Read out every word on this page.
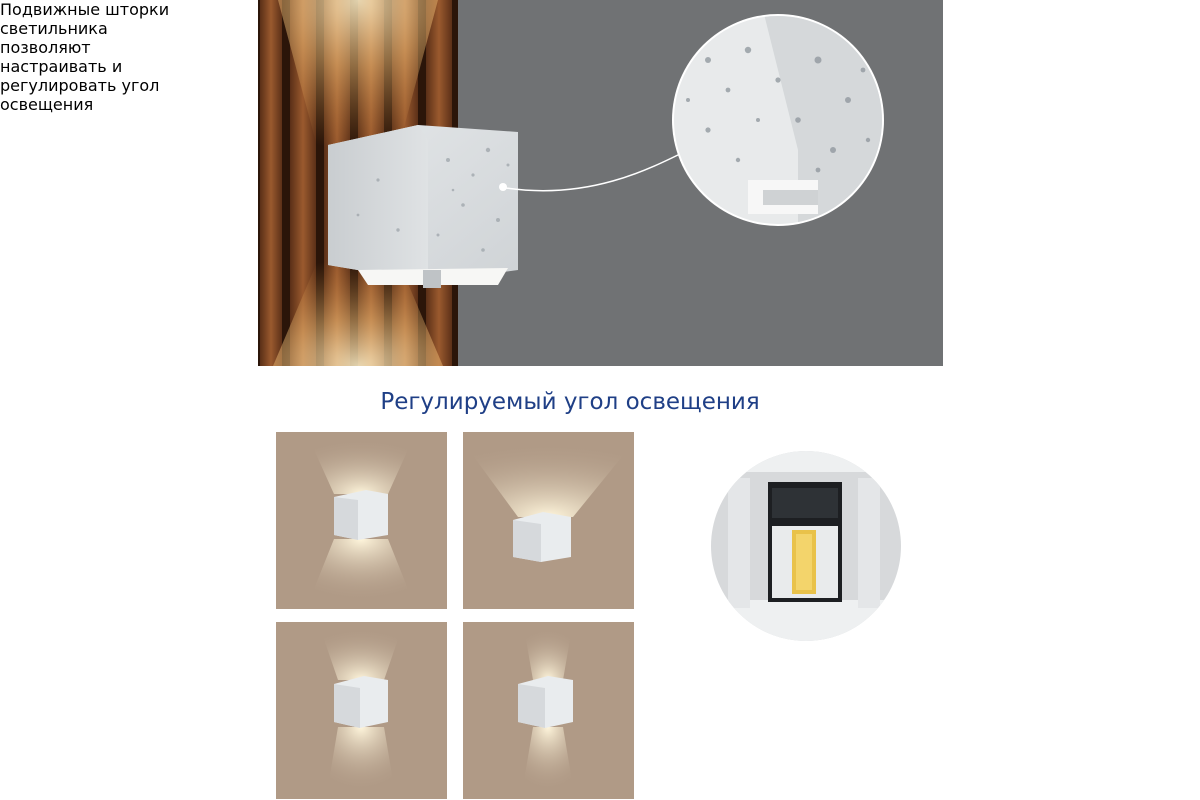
Регулируемый угол освещения

Подвижные шторки
светильника
позволяют
настраивать и
регулировать угол
освещения
